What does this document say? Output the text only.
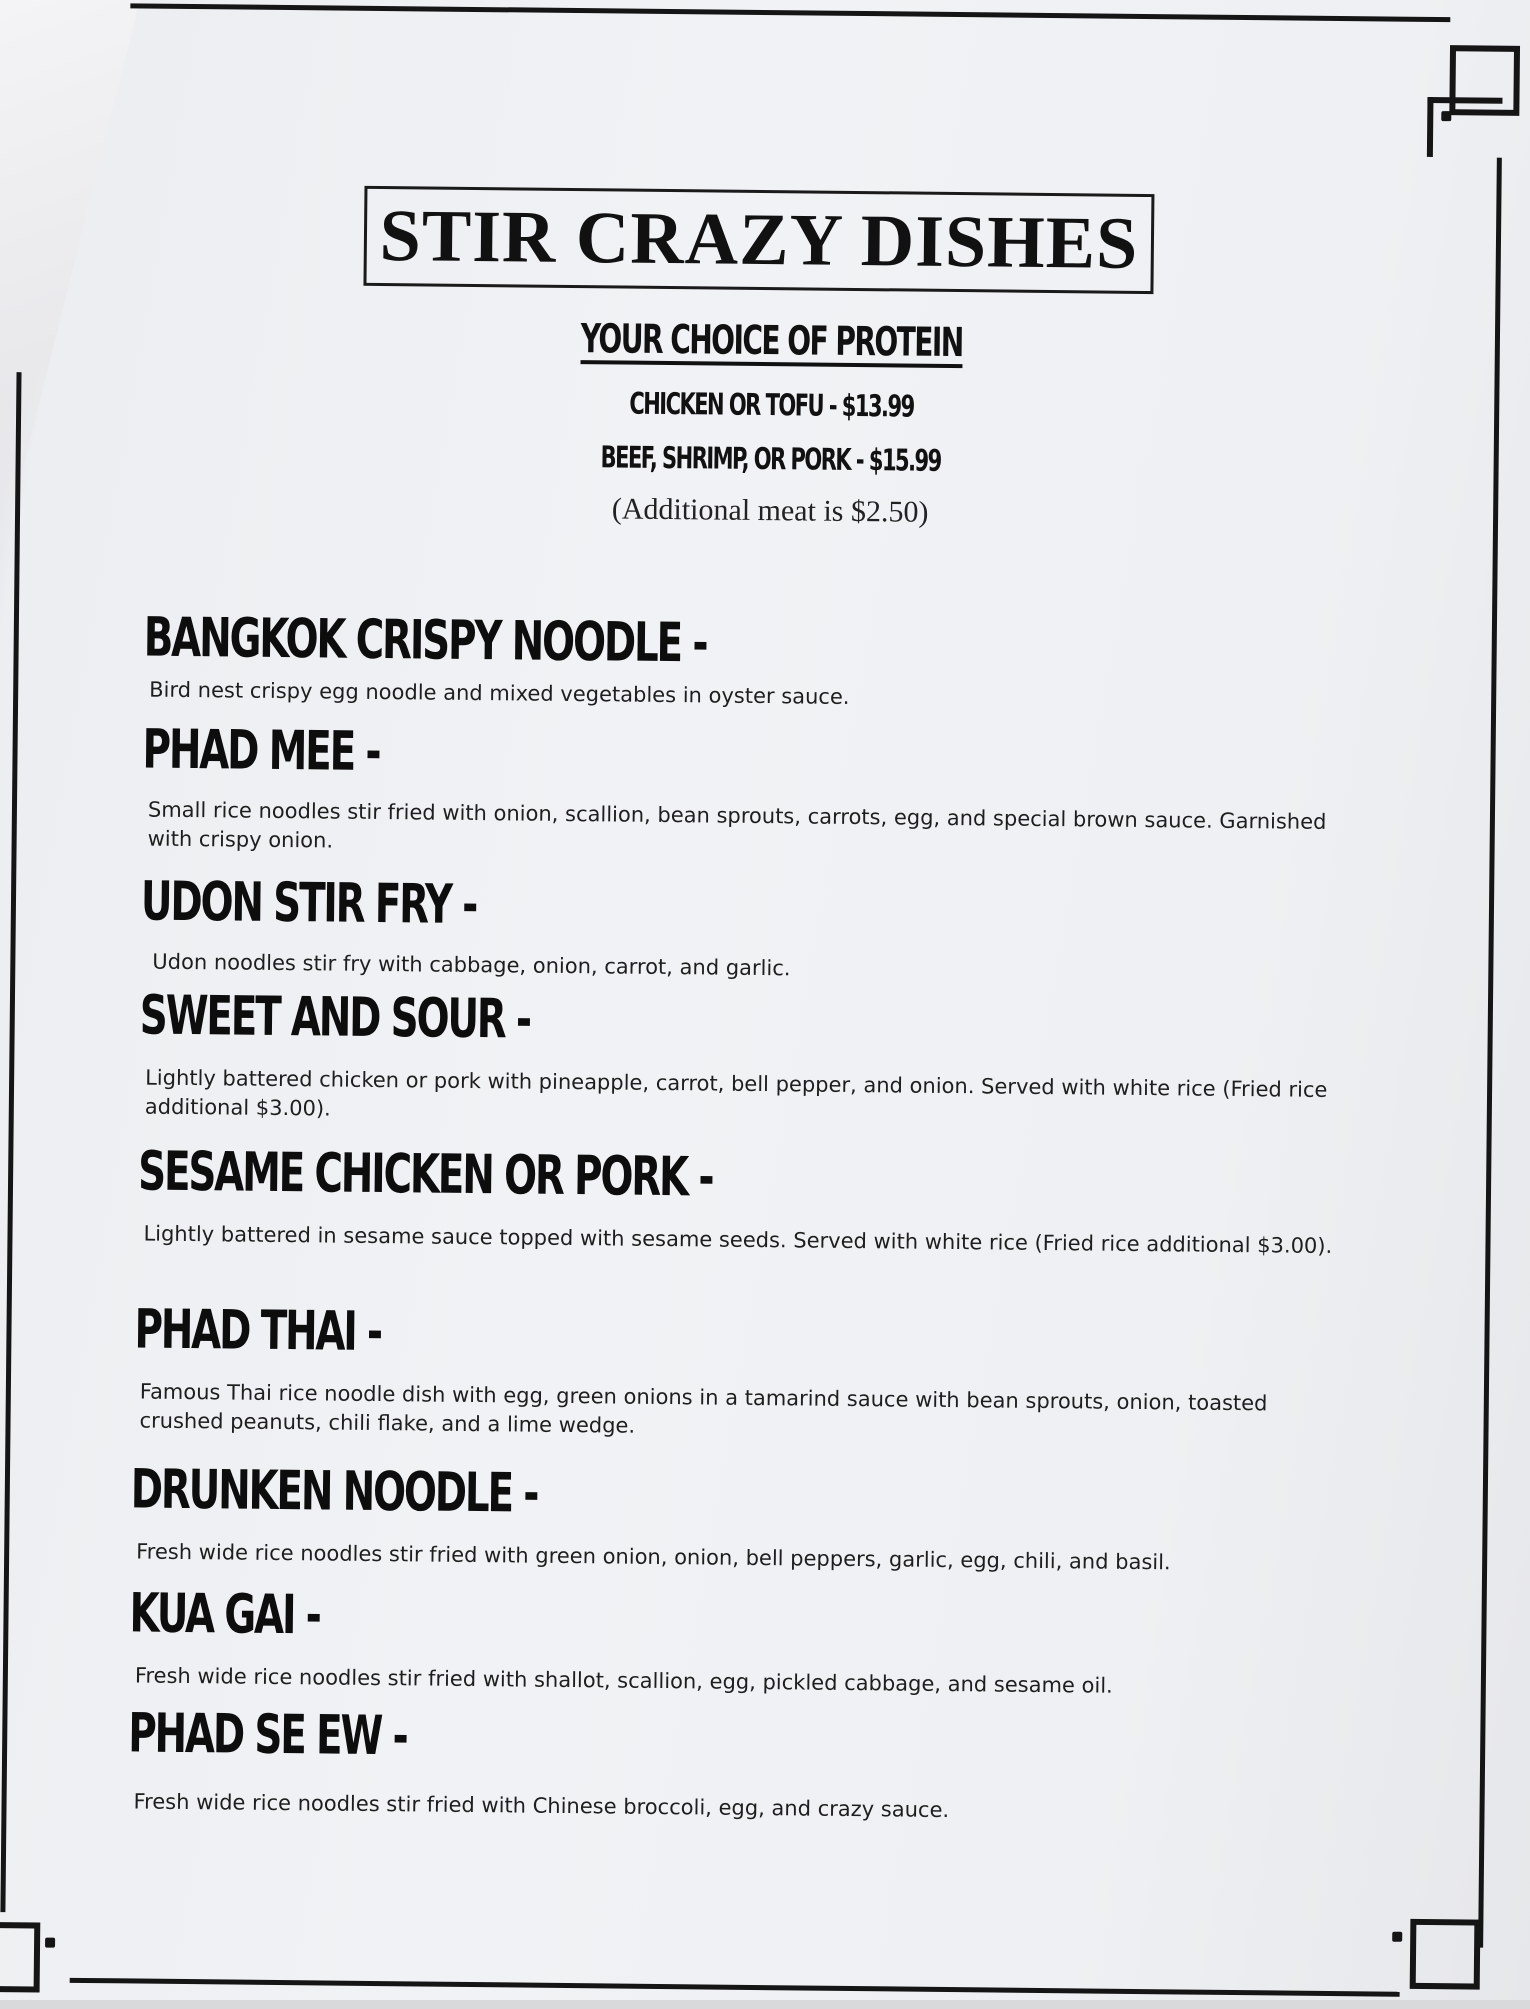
STIR CRAZY DISHES
YOUR CHOICE OF PROTEIN
CHICKEN OR TOFU - $13.99
BEEF, SHRIMP, OR PORK - $15.99
(Additional meat is $2.50)
BANGKOK CRISPY NOODLE -
Bird nest crispy egg noodle and mixed vegetables in oyster sauce.
PHAD MEE -
Small rice noodles stir fried with onion, scallion, bean sprouts, carrots, egg, and special brown sauce. Garnished with crispy onion.
UDON STIR FRY -
Udon noodles stir fry with cabbage, onion, carrot, and garlic.
SWEET AND SOUR -
Lightly battered chicken or pork with pineapple, carrot, bell pepper, and onion. Served with white rice (Fried rice additional $3.00).
SESAME CHICKEN OR PORK -
Lightly battered in sesame sauce topped with sesame seeds. Served with white rice (Fried rice additional $3.00).
PHAD THAI -
Famous Thai rice noodle dish with egg, green onions in a tamarind sauce with bean sprouts, onion, toasted crushed peanuts, chili flake, and a lime wedge.
DRUNKEN NOODLE -
Fresh wide rice noodles stir fried with green onion, onion, bell peppers, garlic, egg, chili, and basil.
KUA GAI -
Fresh wide rice noodles stir fried with shallot, scallion, egg, pickled cabbage, and sesame oil.
PHAD SE EW -
Fresh wide rice noodles stir fried with Chinese broccoli, egg, and crazy sauce.
